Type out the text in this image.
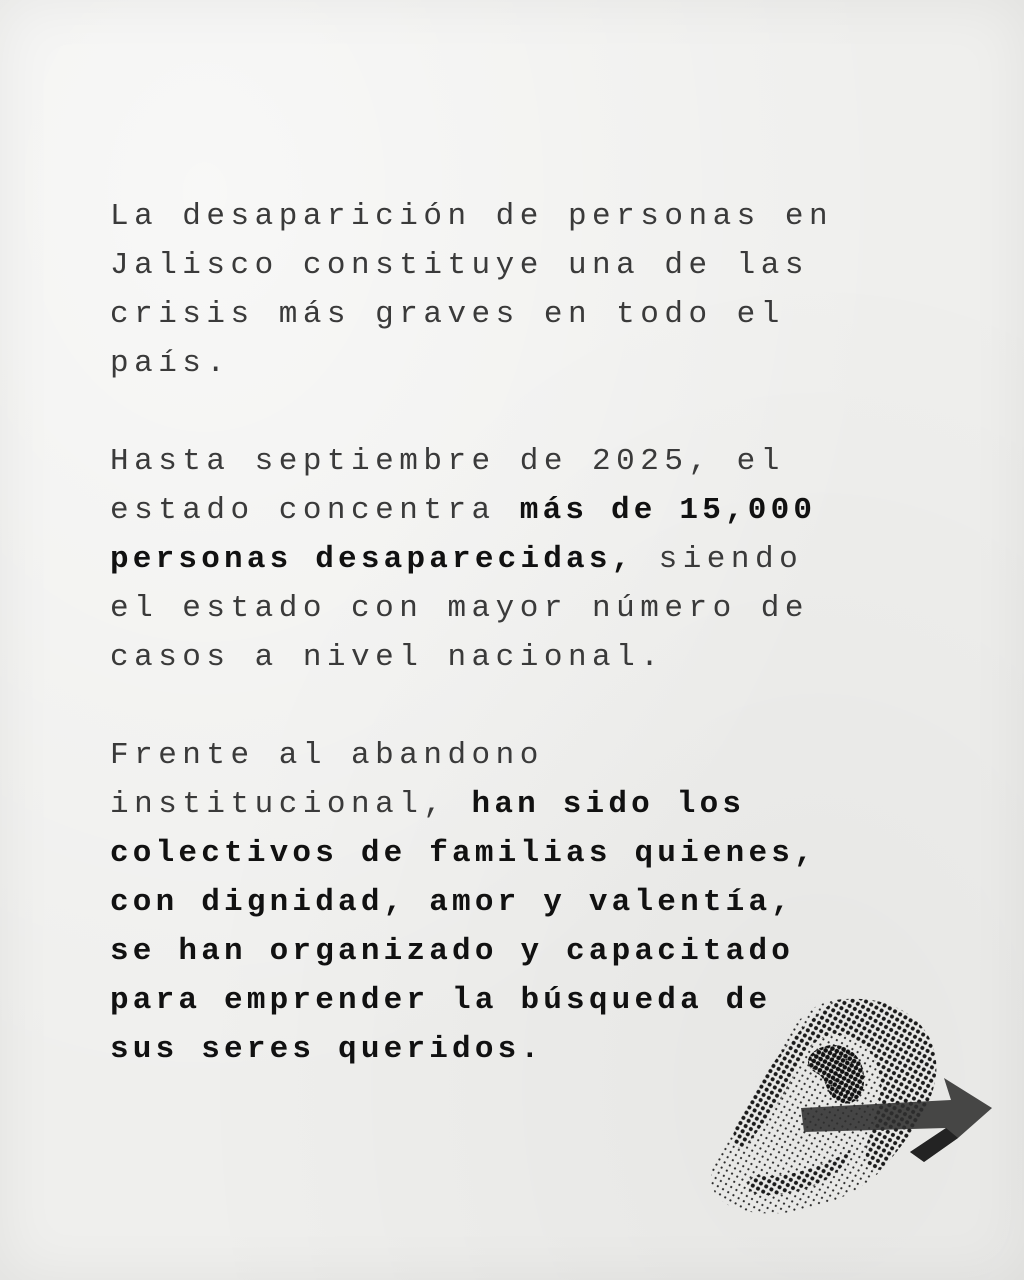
La desaparición de personas en
Jalisco constituye una de las
crisis más graves en todo el
país.

Hasta septiembre de 2025, el
estado concentra más de 15,000
personas desaparecidas, siendo
el estado con mayor número de
casos a nivel nacional.

Frente al abandono
institucional, han sido los
colectivos de familias quienes,
con dignidad, amor y valentía,
se han organizado y capacitado
para emprender la búsqueda de
sus seres queridos.
